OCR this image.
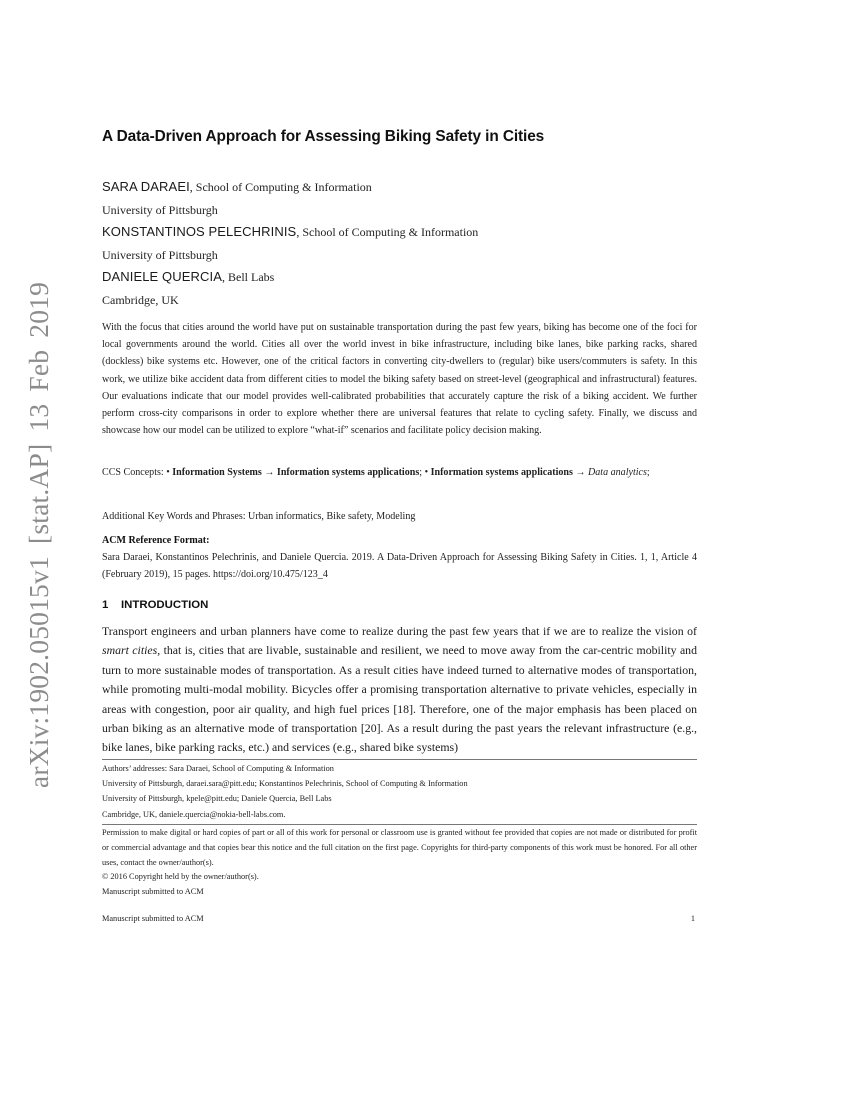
arXiv:1902.05015v1 [stat.AP] 13 Feb 2019
A Data-Driven Approach for Assessing Biking Safety in Cities
SARA DARAEI, School of Computing & Information
University of Pittsburgh
KONSTANTINOS PELECHRINIS, School of Computing & Information
University of Pittsburgh
DANIELE QUERCIA, Bell Labs
Cambridge, UK

With the focus that cities around the world have put on sustainable transportation during the past few years, biking has become one of the foci for local governments around the world. Cities all over the world invest in bike infrastructure, including bike lanes, bike parking racks, shared (dockless) bike systems etc. However, one of the critical factors in converting city-dwellers to (regular) bike users/commuters is safety. In this work, we utilize bike accident data from different cities to model the biking safety based on street-level (geographical and infrastructural) features. Our evaluations indicate that our model provides well-calibrated probabilities that accurately capture the risk of a biking accident. We further perform cross-city comparisons in order to explore whether there are universal features that relate to cycling safety. Finally, we discuss and showcase how our model can be utilized to explore “what-if” scenarios and facilitate policy decision making.

CCS Concepts: • Information Systems → Information systems applications; • Information systems applications → Data analytics;

Additional Key Words and Phrases: Urban informatics, Bike safety, Modeling
ACM Reference Format:

Sara Daraei, Konstantinos Pelechrinis, and Daniele Quercia. 2019. A Data-Driven Approach for Assessing Biking Safety in Cities. 1, 1, Article 4 (February 2019), 15 pages. https://doi.org/10.475/123_4

1 INTRODUCTION

Transport engineers and urban planners have come to realize during the past few years that if we are to realize the vision of smart cities, that is, cities that are livable, sustainable and resilient, we need to move away from the car-centric mobility and turn to more sustainable modes of transportation. As a result cities have indeed turned to alternative modes of transportation, while promoting multi-modal mobility. Bicycles offer a promising transportation alternative to private vehicles, especially in areas with congestion, poor air quality, and high fuel prices [18]. Therefore, one of the major emphasis has been placed on urban biking as an alternative mode of transportation [20]. As a result during the past years the relevant infrastructure (e.g., bike lanes, bike parking racks, etc.) and services (e.g., shared bike systems)

Authors’ addresses: Sara Daraei, School of Computing & Information
University of Pittsburgh, daraei.sara@pitt.edu; Konstantinos Pelechrinis, School of Computing & Information
University of Pittsburgh, kpele@pitt.edu; Daniele Quercia, Bell Labs
Cambridge, UK, daniele.quercia@nokia-bell-labs.com.
Permission to make digital or hard copies of part or all of this work for personal or classroom use is granted without fee provided that copies are not made or distributed for profit or commercial advantage and that copies bear this notice and the full citation on the first page. Copyrights for third-party components of this work must be honored. For all other uses, contact the owner/author(s).
© 2016 Copyright held by the owner/author(s).
Manuscript submitted to ACM
Manuscript submitted to ACM	1
